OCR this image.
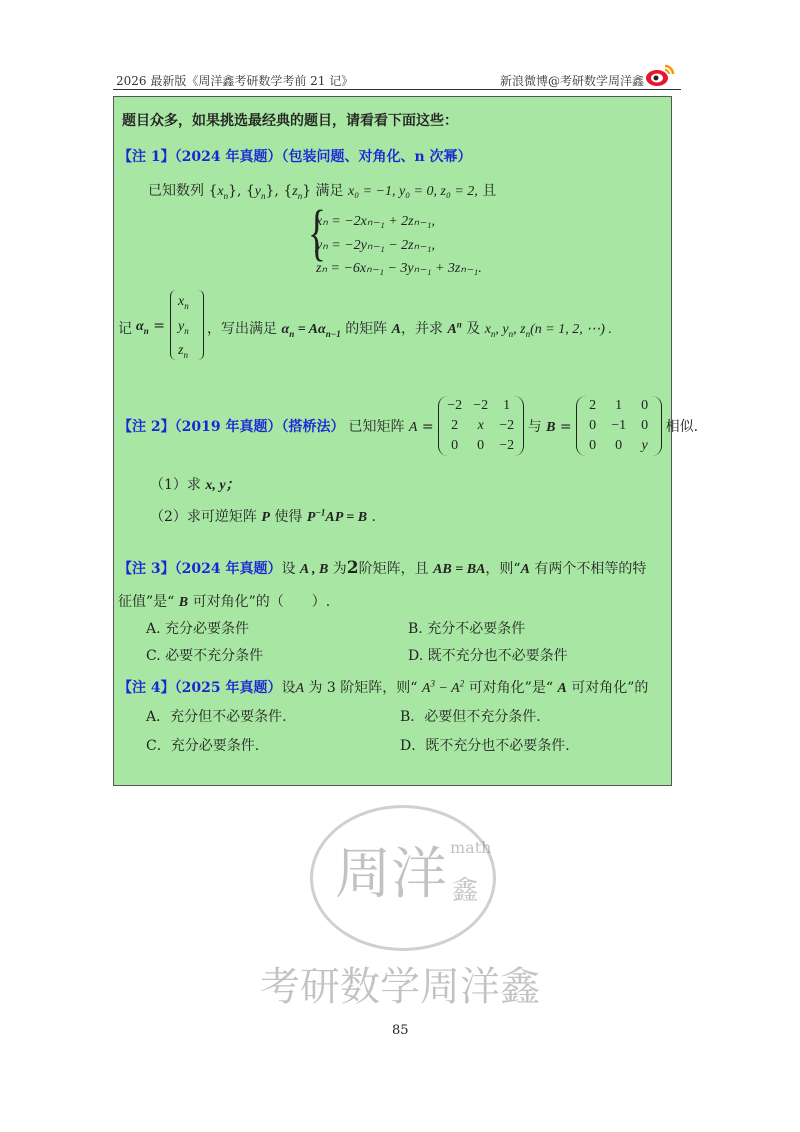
2026 最新版《周洋鑫考研数学考前 21 记》	新浪微博@考研数学周洋鑫
周洋 math
鑫
考研数学周洋鑫
题目众多，如果挑选最经典的题目，请看看下面这些：
【注 1】（2024 年真题）（包装问题、对角化、n 次幂）
已知数列 $\{x_n\}$, $\{y_n\}$, $\{z_n\}$ 满足 x₀ = −1, y₀ = 0, z₀ = 2, 且
{
xₙ = −2xₙ₋₁ + 2zₙ₋₁,
yₙ = −2yₙ₋₁ − 2zₙ₋₁,
zₙ = −6xₙ₋₁ − 3yₙ₋₁ + 3zₙ₋₁.
记 $\alpha_n$ =
$x_n$
$y_n$
$z_n$
，写出满足 $\alpha_n = A\alpha_{n-1}$ 的矩阵 A，并求 $A^n$ 及 $x_n$, $y_n$, $z_n(n = 1$, 2, ⋯) .
【注 2】（2019 年真题）（搭桥法） 已知矩阵 A =
−2 −2	1
2	x	−2
0	0	−2
与 B =
2	1	0
0	−1	0
0	0	y
相似.
（1）求 x, y；
（2）求可逆矩阵 P 使得 $P^{-1}AP = B$ .
【注 3】（2024 年真题）设 A , B 为2阶矩阵，且 AB = BA，则“A 有两个不相等的特
征值”是“ B 可对角化”的（　　）.
A. 充分必要条件	B. 充分不必要条件
C. 必要不充分条件	D. 既不充分也不必要条件
【注 4】（2025 年真题）设A 为 3 阶矩阵，则“ $A^3 - A^2$ 可对角化”是“ A 可对角化”的
A．充分但不必要条件.	B．必要但不充分条件.
C．充分必要条件.	D．既不充分也不必要条件.
85
